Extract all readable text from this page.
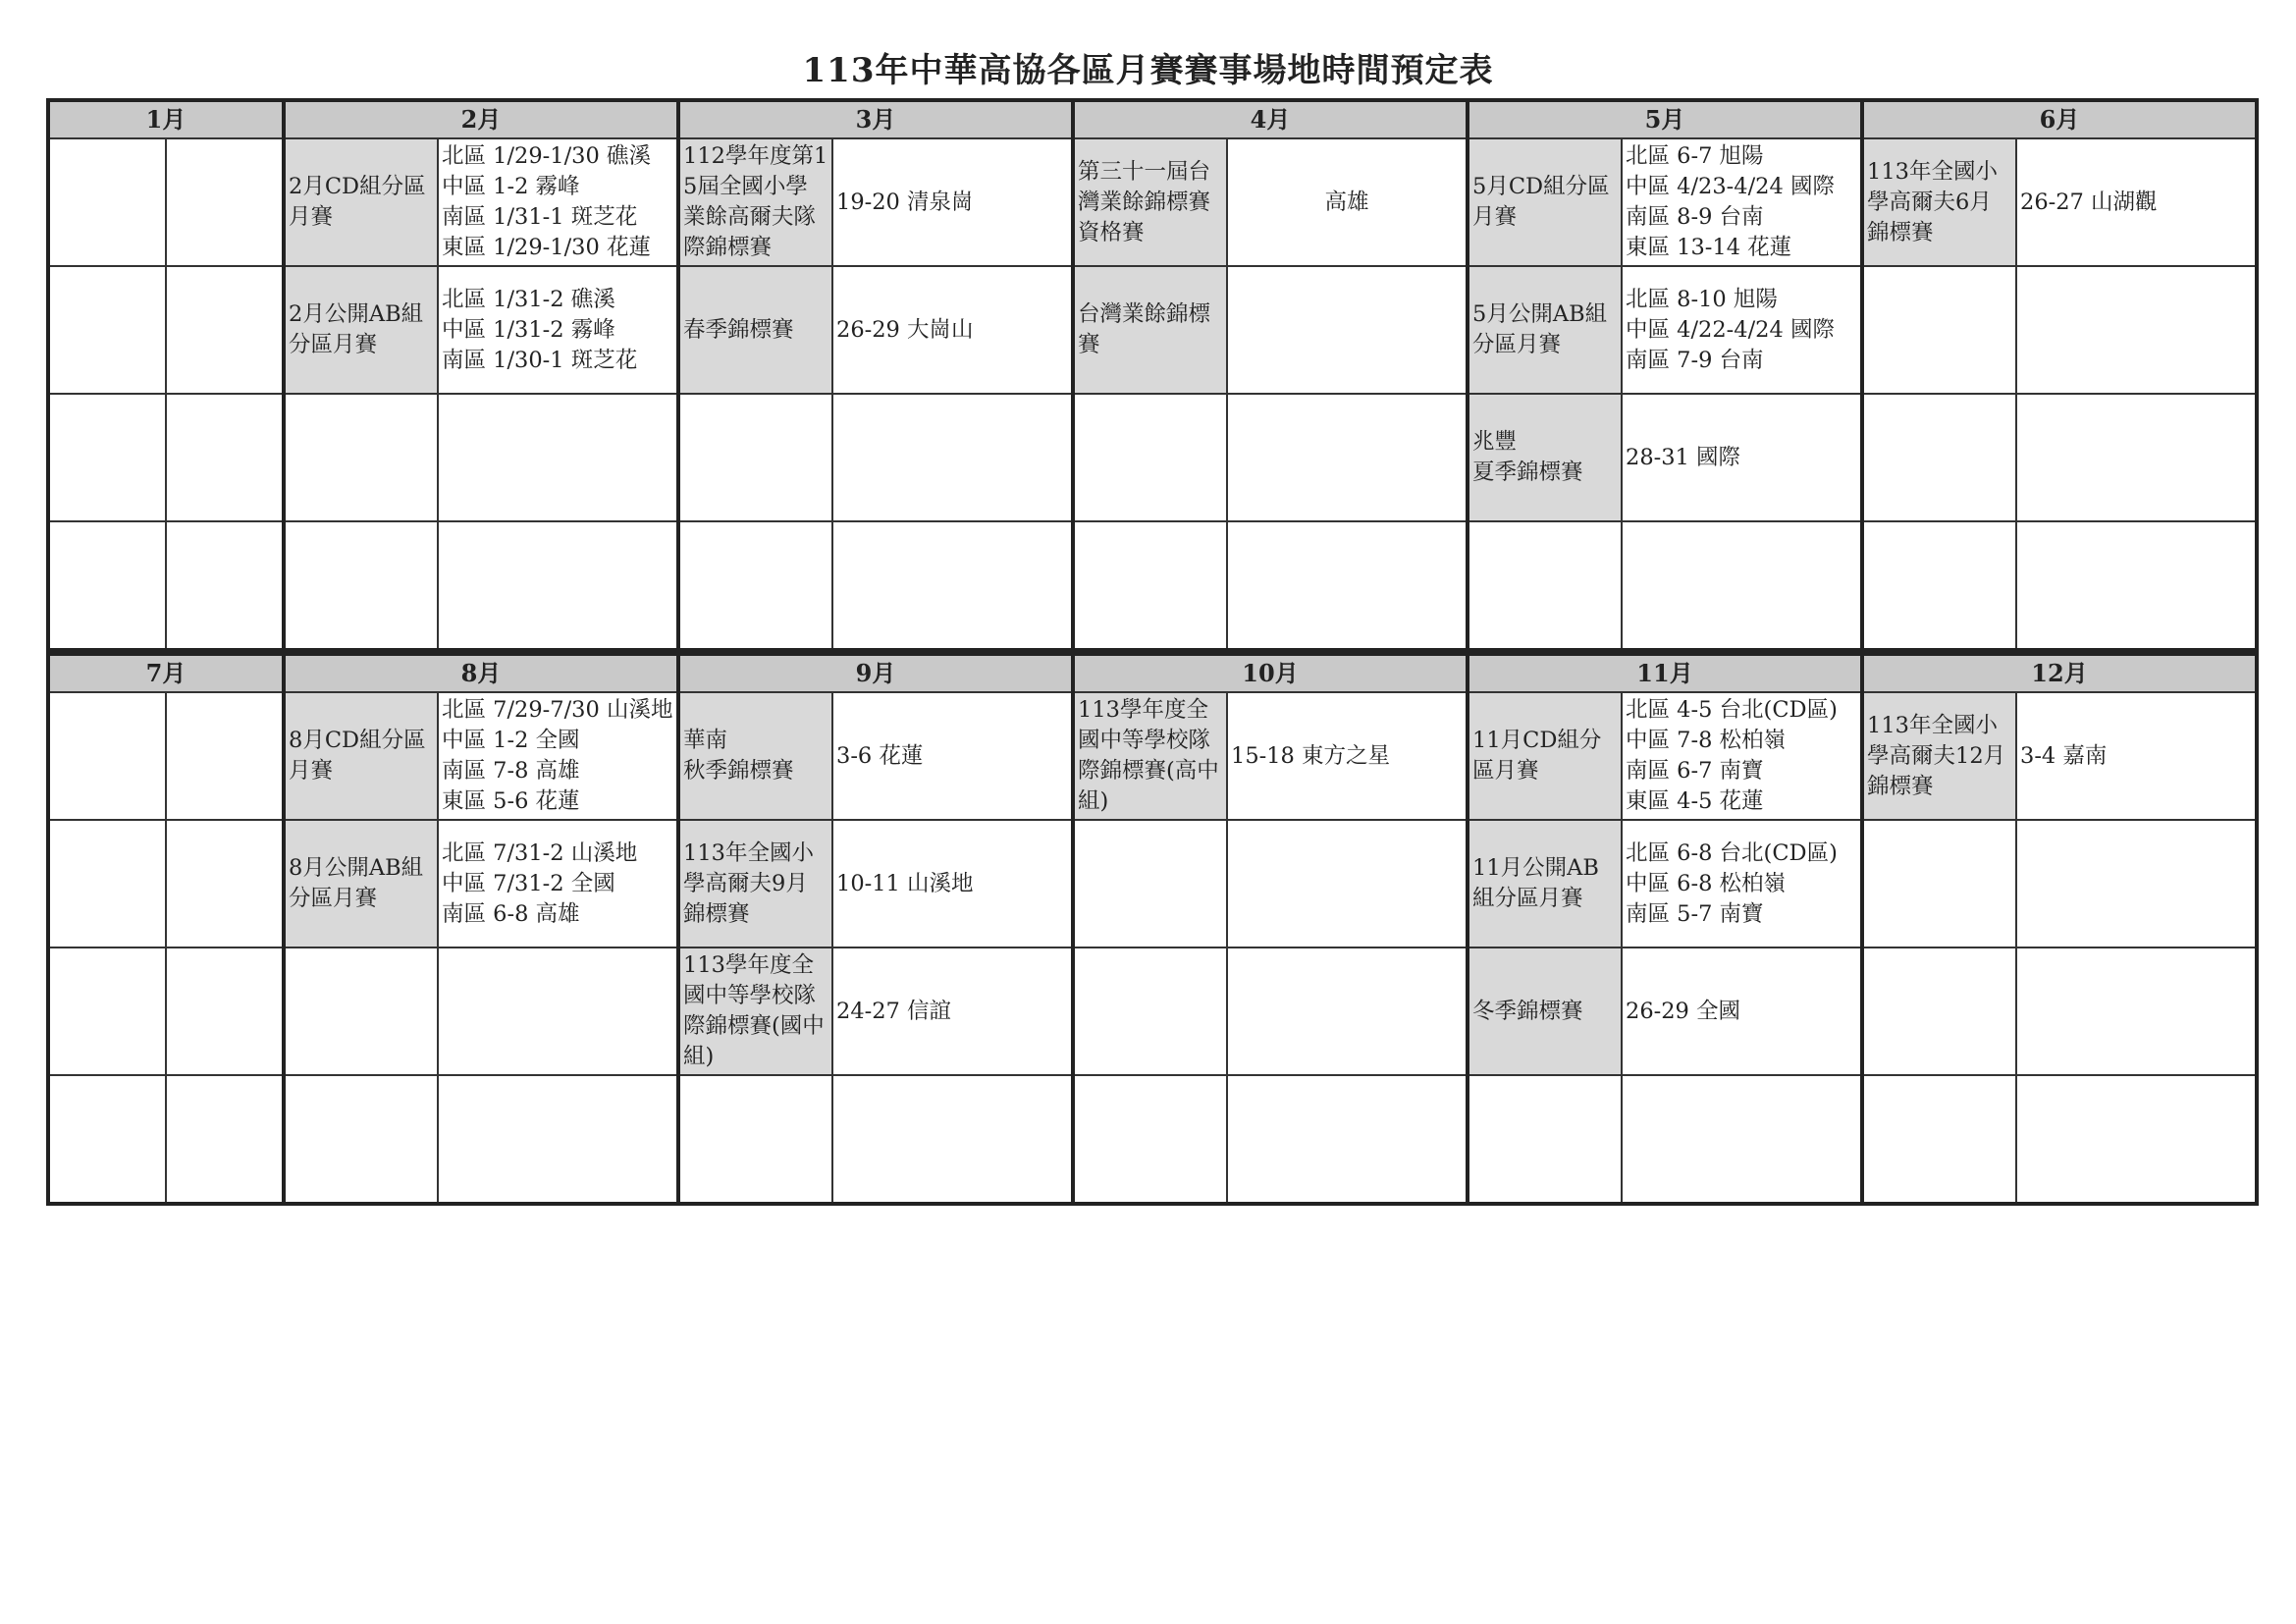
113年中華高協各區月賽賽事場地時間預定表
1月		2月		3月		4月		5月		6月	
		2月CD組分區月賽	北區 1/29-1/30 礁溪
中區 1-2 霧峰
南區 1/31-1 斑芝花
東區 1/29-1/30 花蓮	112學年度第15屆全國小學業餘高爾夫隊際錦標賽	19-20 清泉崗	第三十一屆台灣業餘錦標賽資格賽	高雄	5月CD組分區月賽	北區 6-7 旭陽
中區 4/23-4/24 國際
南區 8-9 台南
東區 13-14 花蓮	113年全國小學高爾夫6月錦標賽	26-27 山湖觀

		2月公開AB組分區月賽	北區 1/31-2 礁溪
中區 1/31-2 霧峰
南區 1/30-1 斑芝花	春季錦標賽	26-29 大崗山	台灣業餘錦標賽		5月公開AB組分區月賽	北區 8-10 旭陽
中區 4/22-4/24 國際
南區 7-9 台南		

								兆豐
夏季錦標賽	28-31 國際		

7月		8月		9月		10月		11月		12月	
		8月CD組分區月賽	北區 7/29-7/30 山溪地
中區 1-2 全國
南區 7-8 高雄
東區 5-6 花蓮	華南
秋季錦標賽	3-6 花蓮	113學年度全國中等學校隊際錦標賽(高中組)	15-18 東方之星	11月CD組分區月賽	北區 4-5 台北(CD區)
中區 7-8 松柏嶺
南區 6-7 南寶
東區 4-5 花蓮	113年全國小學高爾夫12月錦標賽	3-4 嘉南

		8月公開AB組分區月賽	北區 7/31-2 山溪地
中區 7/31-2 全國
南區 6-8 高雄	113年全國小學高爾夫9月錦標賽	10-11 山溪地			11月公開AB組分區月賽	北區 6-8 台北(CD區)
中區 6-8 松柏嶺
南區 5-7 南寶		

				113學年度全國中等學校隊際錦標賽(國中組)	24-27 信誼			冬季錦標賽	26-29 全國		
